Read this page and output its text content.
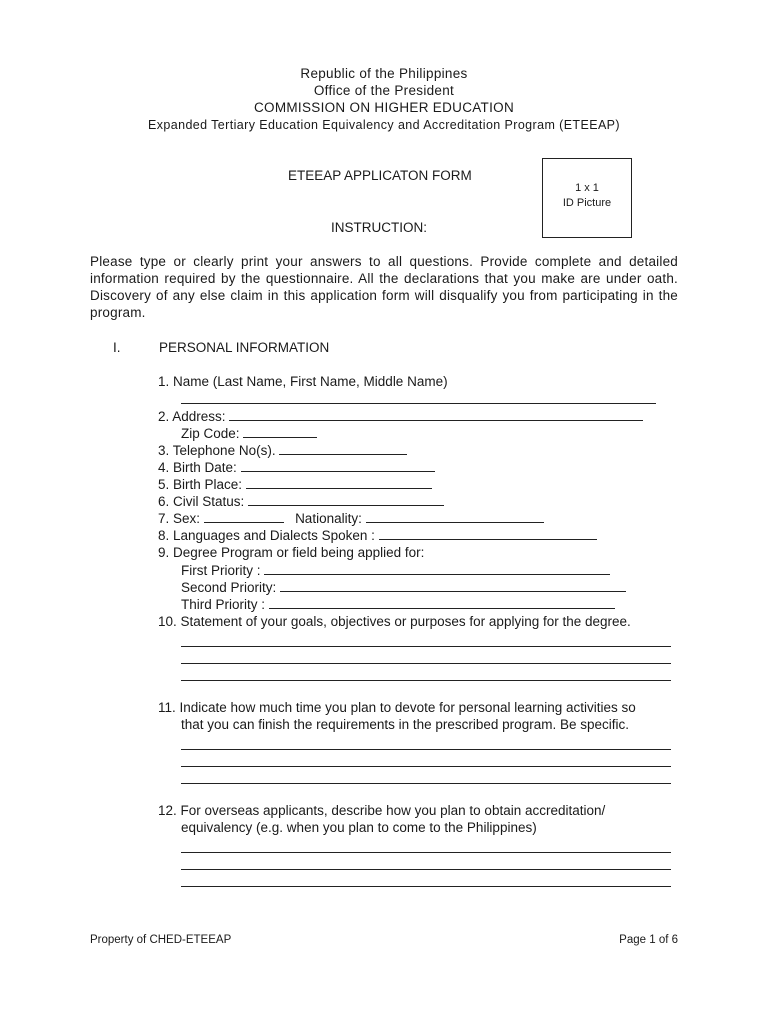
Republic of the Philippines
Office of the President
COMMISSION ON HIGHER EDUCATION
Expanded Tertiary Education Equivalency and Accreditation Program (ETEEAP)
ETEEAP APPLICATON FORM
1 x 1
ID Picture
INSTRUCTION:
Please type or clearly print your answers to all questions. Provide complete and detailed information required by the questionnaire. All the declarations that you make are under oath. Discovery of any else claim in this application form will disqualify you from participating in the program.
I.	PERSONAL INFORMATION
1. Name (Last Name, First Name, Middle Name)
2. Address:
Zip Code:
3. Telephone No(s).
4. Birth Date:
5. Birth Place:
6. Civil Status:
7. Sex:	Nationality:
8. Languages and Dialects Spoken :
9. Degree Program or field being applied for:
First Priority :
Second Priority:
Third Priority :
10. Statement of your goals, objectives or purposes for applying for the degree.
11. Indicate how much time you plan to devote for personal learning activities so
that you can finish the requirements in the prescribed program. Be specific.
12. For overseas applicants, describe how you plan to obtain accreditation/
equivalency (e.g. when you plan to come to the Philippines)
Property of CHED-ETEEAP	Page 1 of 6
